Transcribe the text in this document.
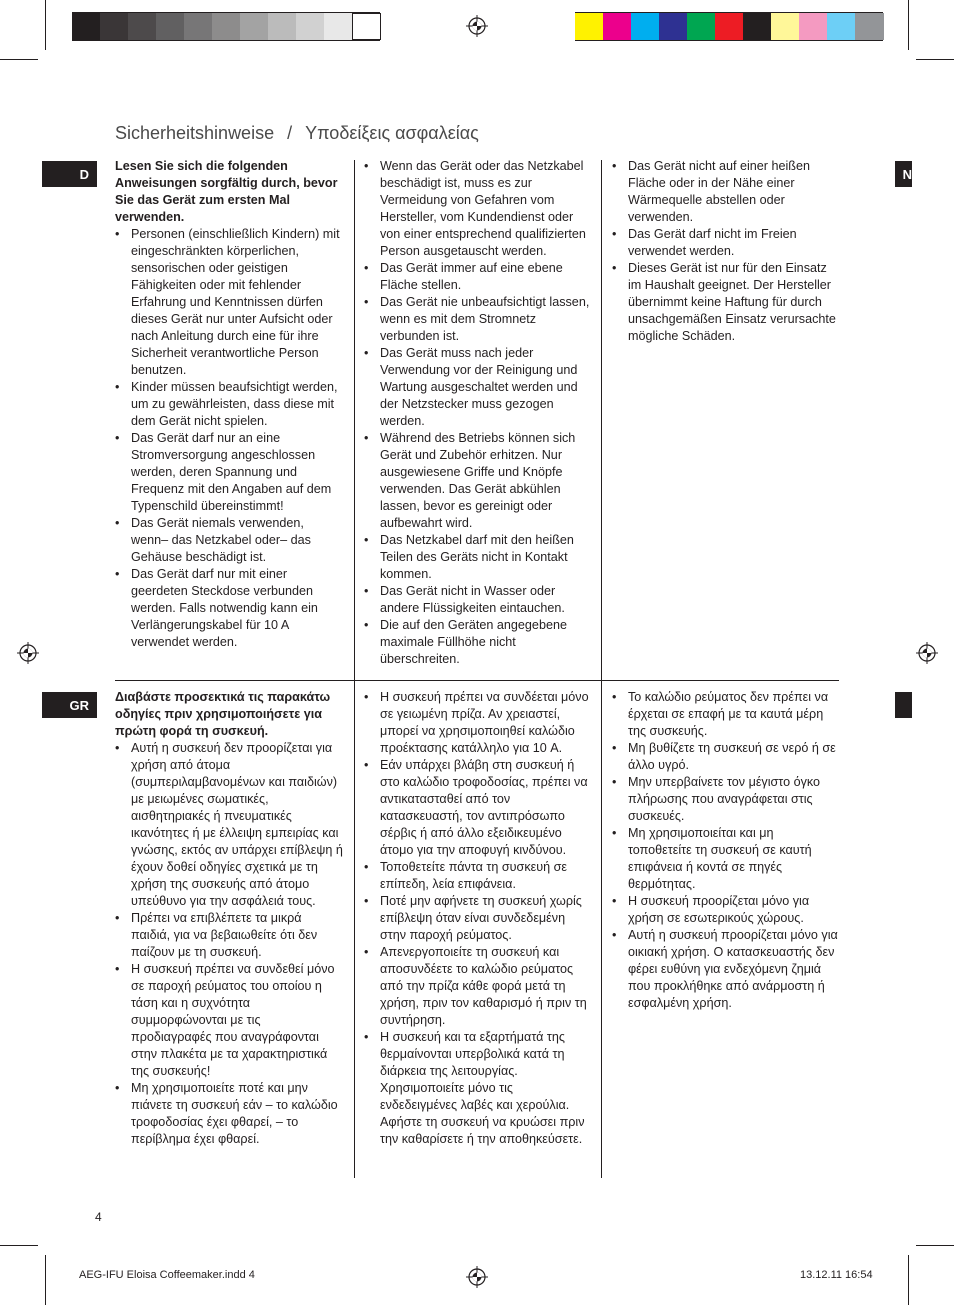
Sicherheitshinweise / Υποδείξεις ασφαλείας
D
GR
N

Lesen Sie sich die folgenden Anweisungen sorgfältig durch, bevor Sie das Gerät zum ersten Mal verwenden.

• Personen (einschließlich Kindern) mit eingeschränkten körperlichen, sensorischen oder geistigen Fähigkeiten oder mit fehlender Erfahrung und Kenntnissen dürfen dieses Gerät nur unter Aufsicht oder nach Anleitung durch eine für ihre Sicherheit verantwortliche Person benutzen.
• Kinder müssen beaufsichtigt werden, um zu gewährleisten, dass diese mit dem Gerät nicht spielen.
• Das Gerät darf nur an eine Stromversorgung angeschlossen werden, deren Spannung und Frequenz mit den Angaben auf dem Typenschild übereinstimmt!
• Das Gerät niemals verwenden, wenn– das Netzkabel oder– das Gehäuse beschädigt ist.
• Das Gerät darf nur mit einer geerdeten Steckdose verbunden werden. Falls notwendig kann ein Verlängerungskabel für 10 A verwendet werden.
• Wenn das Gerät oder das Netzkabel beschädigt ist, muss es zur Vermeidung von Gefahren vom Hersteller, vom Kundendienst oder von einer entsprechend qualifizierten Person ausgetauscht werden.
• Das Gerät immer auf eine ebene Fläche stellen.
• Das Gerät nie unbeaufsichtigt lassen, wenn es mit dem Stromnetz verbunden ist.
• Das Gerät muss nach jeder Verwendung vor der Reinigung und Wartung ausgeschaltet werden und der Netzstecker muss gezogen werden.
• Während des Betriebs können sich Gerät und Zubehör erhitzen. Nur ausgewiesene Griffe und Knöpfe verwenden. Das Gerät abkühlen lassen, bevor es gereinigt oder aufbewahrt wird.
• Das Netzkabel darf mit den heißen Teilen des Geräts nicht in Kontakt kommen.
• Das Gerät nicht in Wasser oder andere Flüssigkeiten eintauchen.
• Die auf den Geräten angegebene maximale Füllhöhe nicht überschreiten.
• Das Gerät nicht auf einer heißen Fläche oder in der Nähe einer Wärmequelle abstellen oder verwenden.
• Das Gerät darf nicht im Freien verwendet werden.
• Dieses Gerät ist nur für den Einsatz im Haushalt geeignet. Der Hersteller übernimmt keine Haftung für durch unsachgemäßen Einsatz verursachte mögliche Schäden.

Διαβάστε προσεκτικά τις παρακάτω οδηγίες πριν χρησιμοποιήσετε για πρώτη φορά τη συσκευή.

• Αυτή η συσκευή δεν προορίζεται για χρήση από άτομα (συμπεριλαμβανομένων και παιδιών) με μειωμένες σωματικές, αισθητηριακές ή πνευματικές ικανότητες ή με έλλειψη εμπειρίας και γνώσης, εκτός αν υπάρχει επίβλεψη ή έχουν δοθεί οδηγίες σχετικά με τη χρήση της συσκευής από άτομο υπεύθυνο για την ασφάλειά τους.
• Πρέπει να επιβλέπετε τα μικρά παιδιά, για να βεβαιωθείτε ότι δεν παίζουν με τη συσκευή.
• Η συσκευή πρέπει να συνδεθεί μόνο σε παροχή ρεύματος του οποίου η τάση και η συχνότητα συμμορφώνονται με τις προδιαγραφές που αναγράφονται στην πλακέτα με τα χαρακτηριστικά της συσκευής!
• Μη χρησιμοποιείτε ποτέ και μην πιάνετε τη συσκευή εάν – το καλώδιο τροφοδοσίας έχει φθαρεί, – το περίβλημα έχει φθαρεί.
• Η συσκευή πρέπει να συνδέεται μόνο σε γειωμένη πρίζα. Αν χρειαστεί, μπορεί να χρησιμοποιηθεί καλώδιο προέκτασης κατάλληλο για 10 A.
• Εάν υπάρχει βλάβη στη συσκευή ή στο καλώδιο τροφοδοσίας, πρέπει να αντικατασταθεί από τον κατασκευαστή, τον αντιπρόσωπο σέρβις ή από άλλο εξειδικευμένο άτομο για την αποφυγή κινδύνου.
• Τοποθετείτε πάντα τη συσκευή σε επίπεδη, λεία επιφάνεια.
• Ποτέ μην αφήνετε τη συσκευή χωρίς επίβλεψη όταν είναι συνδεδεμένη στην παροχή ρεύματος.
• Απενεργοποιείτε τη συσκευή και αποσυνδέετε το καλώδιο ρεύματος από την πρίζα κάθε φορά μετά τη χρήση, πριν τον καθαρισμό ή πριν τη συντήρηση.
• Η συσκευή και τα εξαρτήματά της θερμαίνονται υπερβολικά κατά τη διάρκεια της λειτουργίας. Χρησιμοποιείτε μόνο τις ενδεδειγμένες λαβές και χερούλια. Αφήστε τη συσκευή να κρυώσει πριν την καθαρίσετε ή την αποθηκεύσετε.
• Το καλώδιο ρεύματος δεν πρέπει να έρχεται σε επαφή με τα καυτά μέρη της συσκευής.
• Μη βυθίζετε τη συσκευή σε νερό ή σε άλλο υγρό.
• Μην υπερβαίνετε τον μέγιστο όγκο πλήρωσης που αναγράφεται στις συσκευές.
• Μη χρησιμοποιείται και μη τοποθετείτε τη συσκευή σε καυτή επιφάνεια ή κοντά σε πηγές θερμότητας.
• Η συσκευή προορίζεται μόνο για χρήση σε εσωτερικούς χώρους.
• Αυτή η συσκευή προορίζεται μόνο για οικιακή χρήση. Ο κατασκευαστής δεν φέρει ευθύνη για ενδεχόμενη ζημιά που προκλήθηκε από ανάρμοστη ή εσφαλμένη χρήση.
4
AEG-IFU Eloisa Coffeemaker.indd 4	13.12.11 16:54
